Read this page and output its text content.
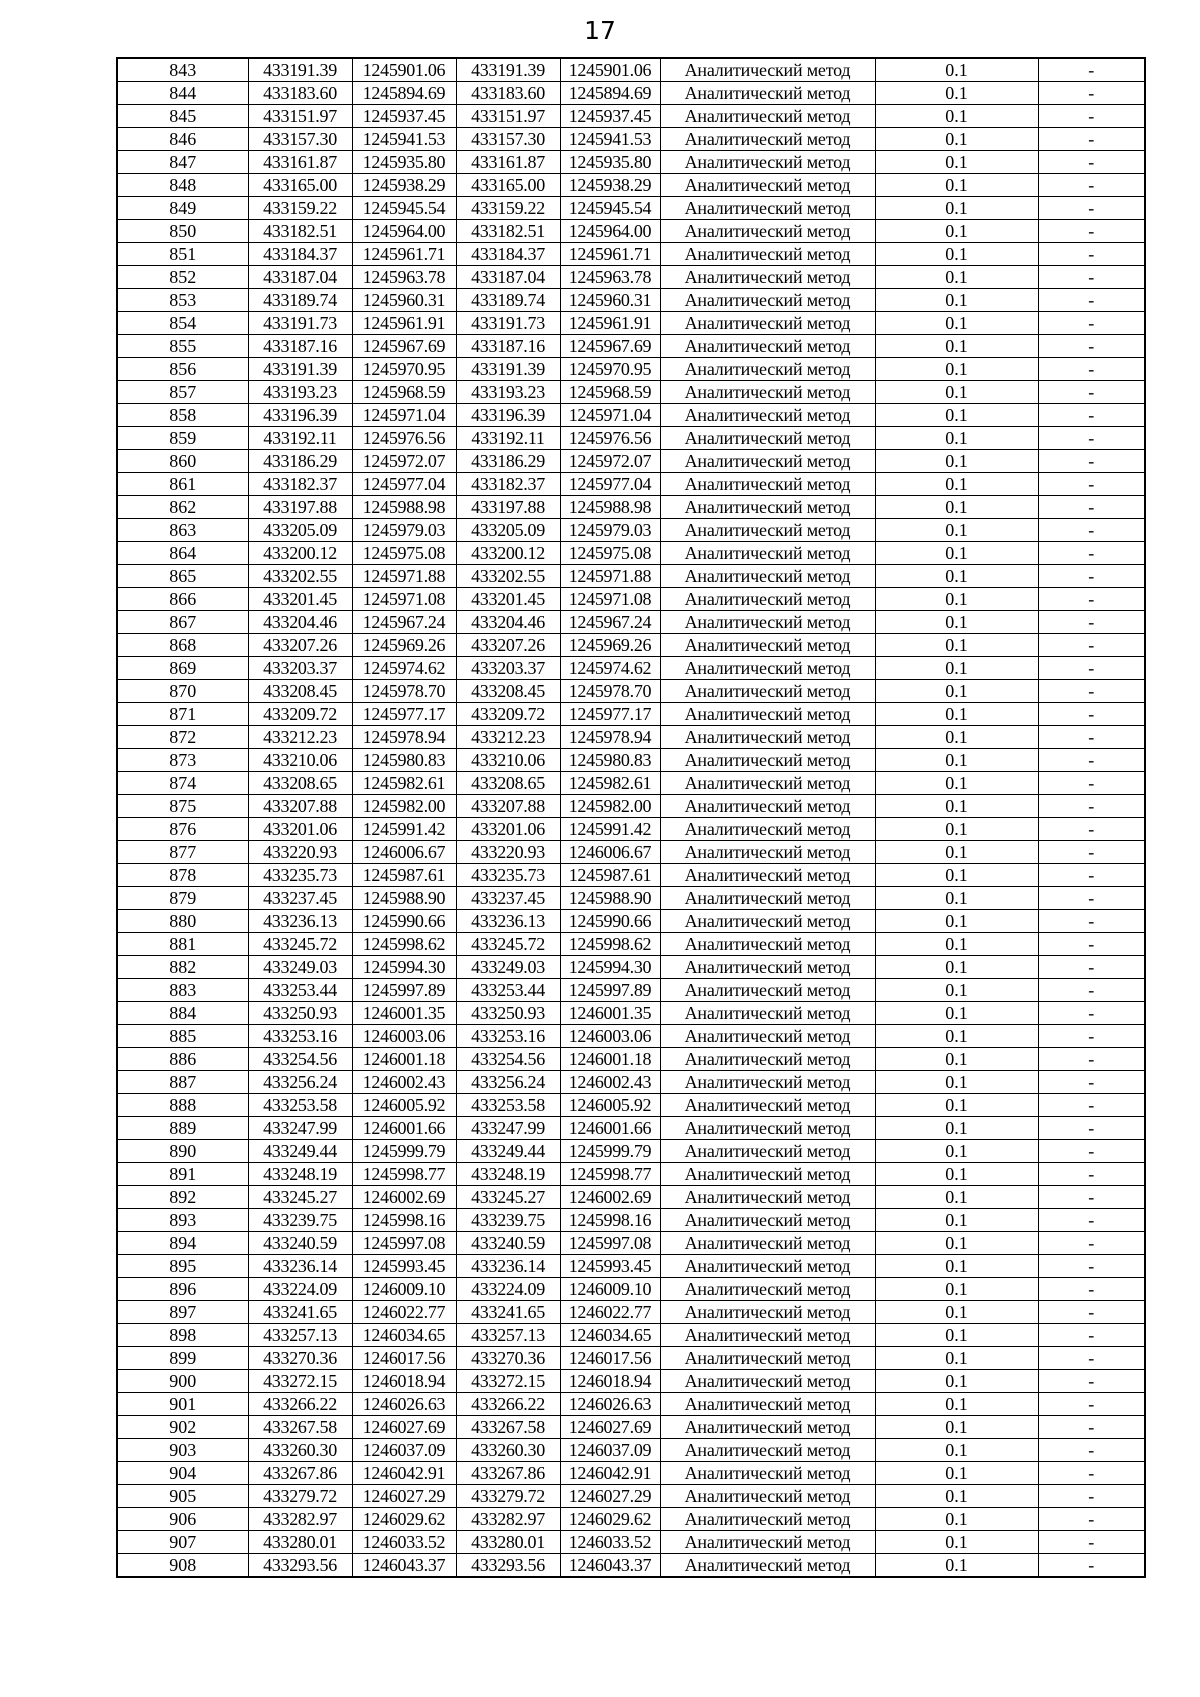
17
843	433191.39	1245901.06	433191.39	1245901.06	Аналитический метод	0.1	-
844	433183.60	1245894.69	433183.60	1245894.69	Аналитический метод	0.1	-
845	433151.97	1245937.45	433151.97	1245937.45	Аналитический метод	0.1	-
846	433157.30	1245941.53	433157.30	1245941.53	Аналитический метод	0.1	-
847	433161.87	1245935.80	433161.87	1245935.80	Аналитический метод	0.1	-
848	433165.00	1245938.29	433165.00	1245938.29	Аналитический метод	0.1	-
849	433159.22	1245945.54	433159.22	1245945.54	Аналитический метод	0.1	-
850	433182.51	1245964.00	433182.51	1245964.00	Аналитический метод	0.1	-
851	433184.37	1245961.71	433184.37	1245961.71	Аналитический метод	0.1	-
852	433187.04	1245963.78	433187.04	1245963.78	Аналитический метод	0.1	-
853	433189.74	1245960.31	433189.74	1245960.31	Аналитический метод	0.1	-
854	433191.73	1245961.91	433191.73	1245961.91	Аналитический метод	0.1	-
855	433187.16	1245967.69	433187.16	1245967.69	Аналитический метод	0.1	-
856	433191.39	1245970.95	433191.39	1245970.95	Аналитический метод	0.1	-
857	433193.23	1245968.59	433193.23	1245968.59	Аналитический метод	0.1	-
858	433196.39	1245971.04	433196.39	1245971.04	Аналитический метод	0.1	-
859	433192.11	1245976.56	433192.11	1245976.56	Аналитический метод	0.1	-
860	433186.29	1245972.07	433186.29	1245972.07	Аналитический метод	0.1	-
861	433182.37	1245977.04	433182.37	1245977.04	Аналитический метод	0.1	-
862	433197.88	1245988.98	433197.88	1245988.98	Аналитический метод	0.1	-
863	433205.09	1245979.03	433205.09	1245979.03	Аналитический метод	0.1	-
864	433200.12	1245975.08	433200.12	1245975.08	Аналитический метод	0.1	-
865	433202.55	1245971.88	433202.55	1245971.88	Аналитический метод	0.1	-
866	433201.45	1245971.08	433201.45	1245971.08	Аналитический метод	0.1	-
867	433204.46	1245967.24	433204.46	1245967.24	Аналитический метод	0.1	-
868	433207.26	1245969.26	433207.26	1245969.26	Аналитический метод	0.1	-
869	433203.37	1245974.62	433203.37	1245974.62	Аналитический метод	0.1	-
870	433208.45	1245978.70	433208.45	1245978.70	Аналитический метод	0.1	-
871	433209.72	1245977.17	433209.72	1245977.17	Аналитический метод	0.1	-
872	433212.23	1245978.94	433212.23	1245978.94	Аналитический метод	0.1	-
873	433210.06	1245980.83	433210.06	1245980.83	Аналитический метод	0.1	-
874	433208.65	1245982.61	433208.65	1245982.61	Аналитический метод	0.1	-
875	433207.88	1245982.00	433207.88	1245982.00	Аналитический метод	0.1	-
876	433201.06	1245991.42	433201.06	1245991.42	Аналитический метод	0.1	-
877	433220.93	1246006.67	433220.93	1246006.67	Аналитический метод	0.1	-
878	433235.73	1245987.61	433235.73	1245987.61	Аналитический метод	0.1	-
879	433237.45	1245988.90	433237.45	1245988.90	Аналитический метод	0.1	-
880	433236.13	1245990.66	433236.13	1245990.66	Аналитический метод	0.1	-
881	433245.72	1245998.62	433245.72	1245998.62	Аналитический метод	0.1	-
882	433249.03	1245994.30	433249.03	1245994.30	Аналитический метод	0.1	-
883	433253.44	1245997.89	433253.44	1245997.89	Аналитический метод	0.1	-
884	433250.93	1246001.35	433250.93	1246001.35	Аналитический метод	0.1	-
885	433253.16	1246003.06	433253.16	1246003.06	Аналитический метод	0.1	-
886	433254.56	1246001.18	433254.56	1246001.18	Аналитический метод	0.1	-
887	433256.24	1246002.43	433256.24	1246002.43	Аналитический метод	0.1	-
888	433253.58	1246005.92	433253.58	1246005.92	Аналитический метод	0.1	-
889	433247.99	1246001.66	433247.99	1246001.66	Аналитический метод	0.1	-
890	433249.44	1245999.79	433249.44	1245999.79	Аналитический метод	0.1	-
891	433248.19	1245998.77	433248.19	1245998.77	Аналитический метод	0.1	-
892	433245.27	1246002.69	433245.27	1246002.69	Аналитический метод	0.1	-
893	433239.75	1245998.16	433239.75	1245998.16	Аналитический метод	0.1	-
894	433240.59	1245997.08	433240.59	1245997.08	Аналитический метод	0.1	-
895	433236.14	1245993.45	433236.14	1245993.45	Аналитический метод	0.1	-
896	433224.09	1246009.10	433224.09	1246009.10	Аналитический метод	0.1	-
897	433241.65	1246022.77	433241.65	1246022.77	Аналитический метод	0.1	-
898	433257.13	1246034.65	433257.13	1246034.65	Аналитический метод	0.1	-
899	433270.36	1246017.56	433270.36	1246017.56	Аналитический метод	0.1	-
900	433272.15	1246018.94	433272.15	1246018.94	Аналитический метод	0.1	-
901	433266.22	1246026.63	433266.22	1246026.63	Аналитический метод	0.1	-
902	433267.58	1246027.69	433267.58	1246027.69	Аналитический метод	0.1	-
903	433260.30	1246037.09	433260.30	1246037.09	Аналитический метод	0.1	-
904	433267.86	1246042.91	433267.86	1246042.91	Аналитический метод	0.1	-
905	433279.72	1246027.29	433279.72	1246027.29	Аналитический метод	0.1	-
906	433282.97	1246029.62	433282.97	1246029.62	Аналитический метод	0.1	-
907	433280.01	1246033.52	433280.01	1246033.52	Аналитический метод	0.1	-
908	433293.56	1246043.37	433293.56	1246043.37	Аналитический метод	0.1	-
